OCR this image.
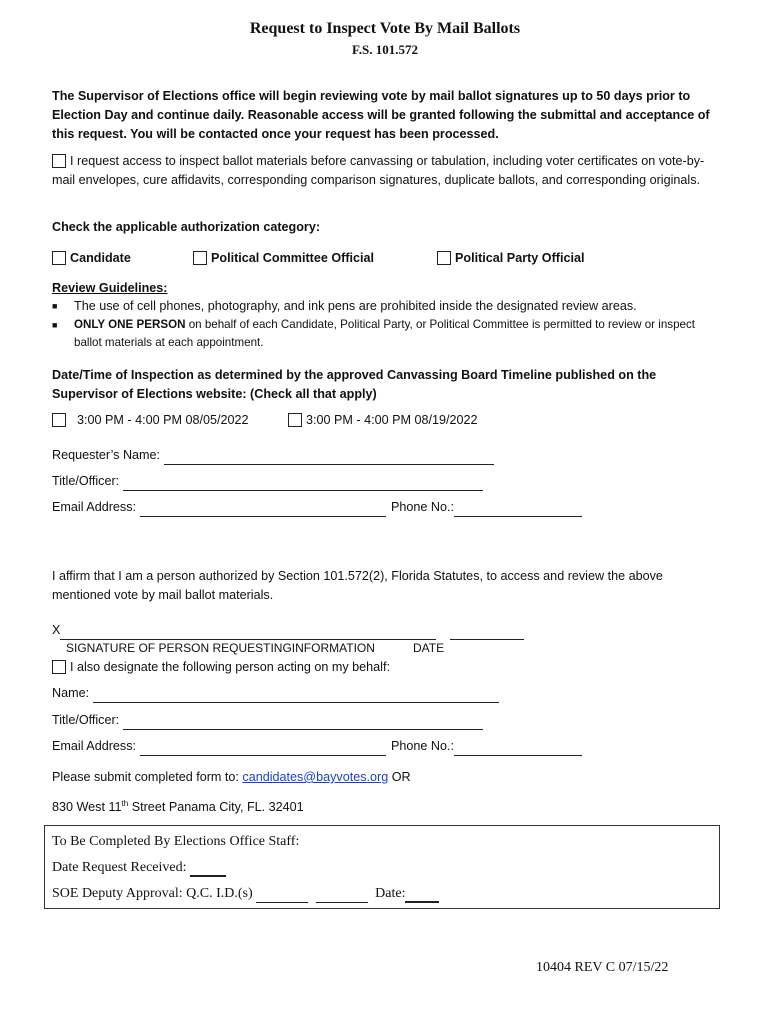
Request to Inspect Vote By Mail Ballots
F.S. 101.572
The Supervisor of Elections office will begin reviewing vote by mail ballot signatures up to 50 days prior to Election Day and continue daily. Reasonable access will be granted following the submittal and acceptance of this request. You will be contacted once your request has been processed.
I request access to inspect ballot materials before canvassing or tabulation, including voter certificates on vote-by-mail envelopes, cure affidavits, corresponding comparison signatures, duplicate ballots, and corresponding originals.
Check the applicable authorization category:
Candidate	Political Committee Official	Political Party Official
Review Guidelines:
■ The use of cell phones, photography, and ink pens are prohibited inside the designated review areas.
■ ONLY ONE PERSON on behalf of each Candidate, Political Party, or Political Committee is permitted to review or inspect ballot materials at each appointment.
Date/Time of Inspection as determined by the approved Canvassing Board Timeline published on the Supervisor of Elections website: (Check all that apply)
3:00 PM - 4:00 PM 08/05/2022	3:00 PM - 4:00 PM 08/19/2022
Requester’s Name:
Title/Officer:
Email Address:	Phone No.:
I affirm that I am a person authorized by Section 101.572(2), Florida Statutes, to access and review the above mentioned vote by mail ballot materials.
X
SIGNATURE OF PERSON REQUESTINGINFORMATION	DATE
I also designate the following person acting on my behalf:
Name:
Title/Officer:
Email Address:	Phone No.:
Please submit completed form to: candidates@bayvotes.org OR
830 West 11th Street Panama City, FL. 32401
To Be Completed By Elections Office Staff:
Date Request Received:
SOE Deputy Approval: Q.C. I.D.(s)	Date:
10404 REV C 07/15/22
